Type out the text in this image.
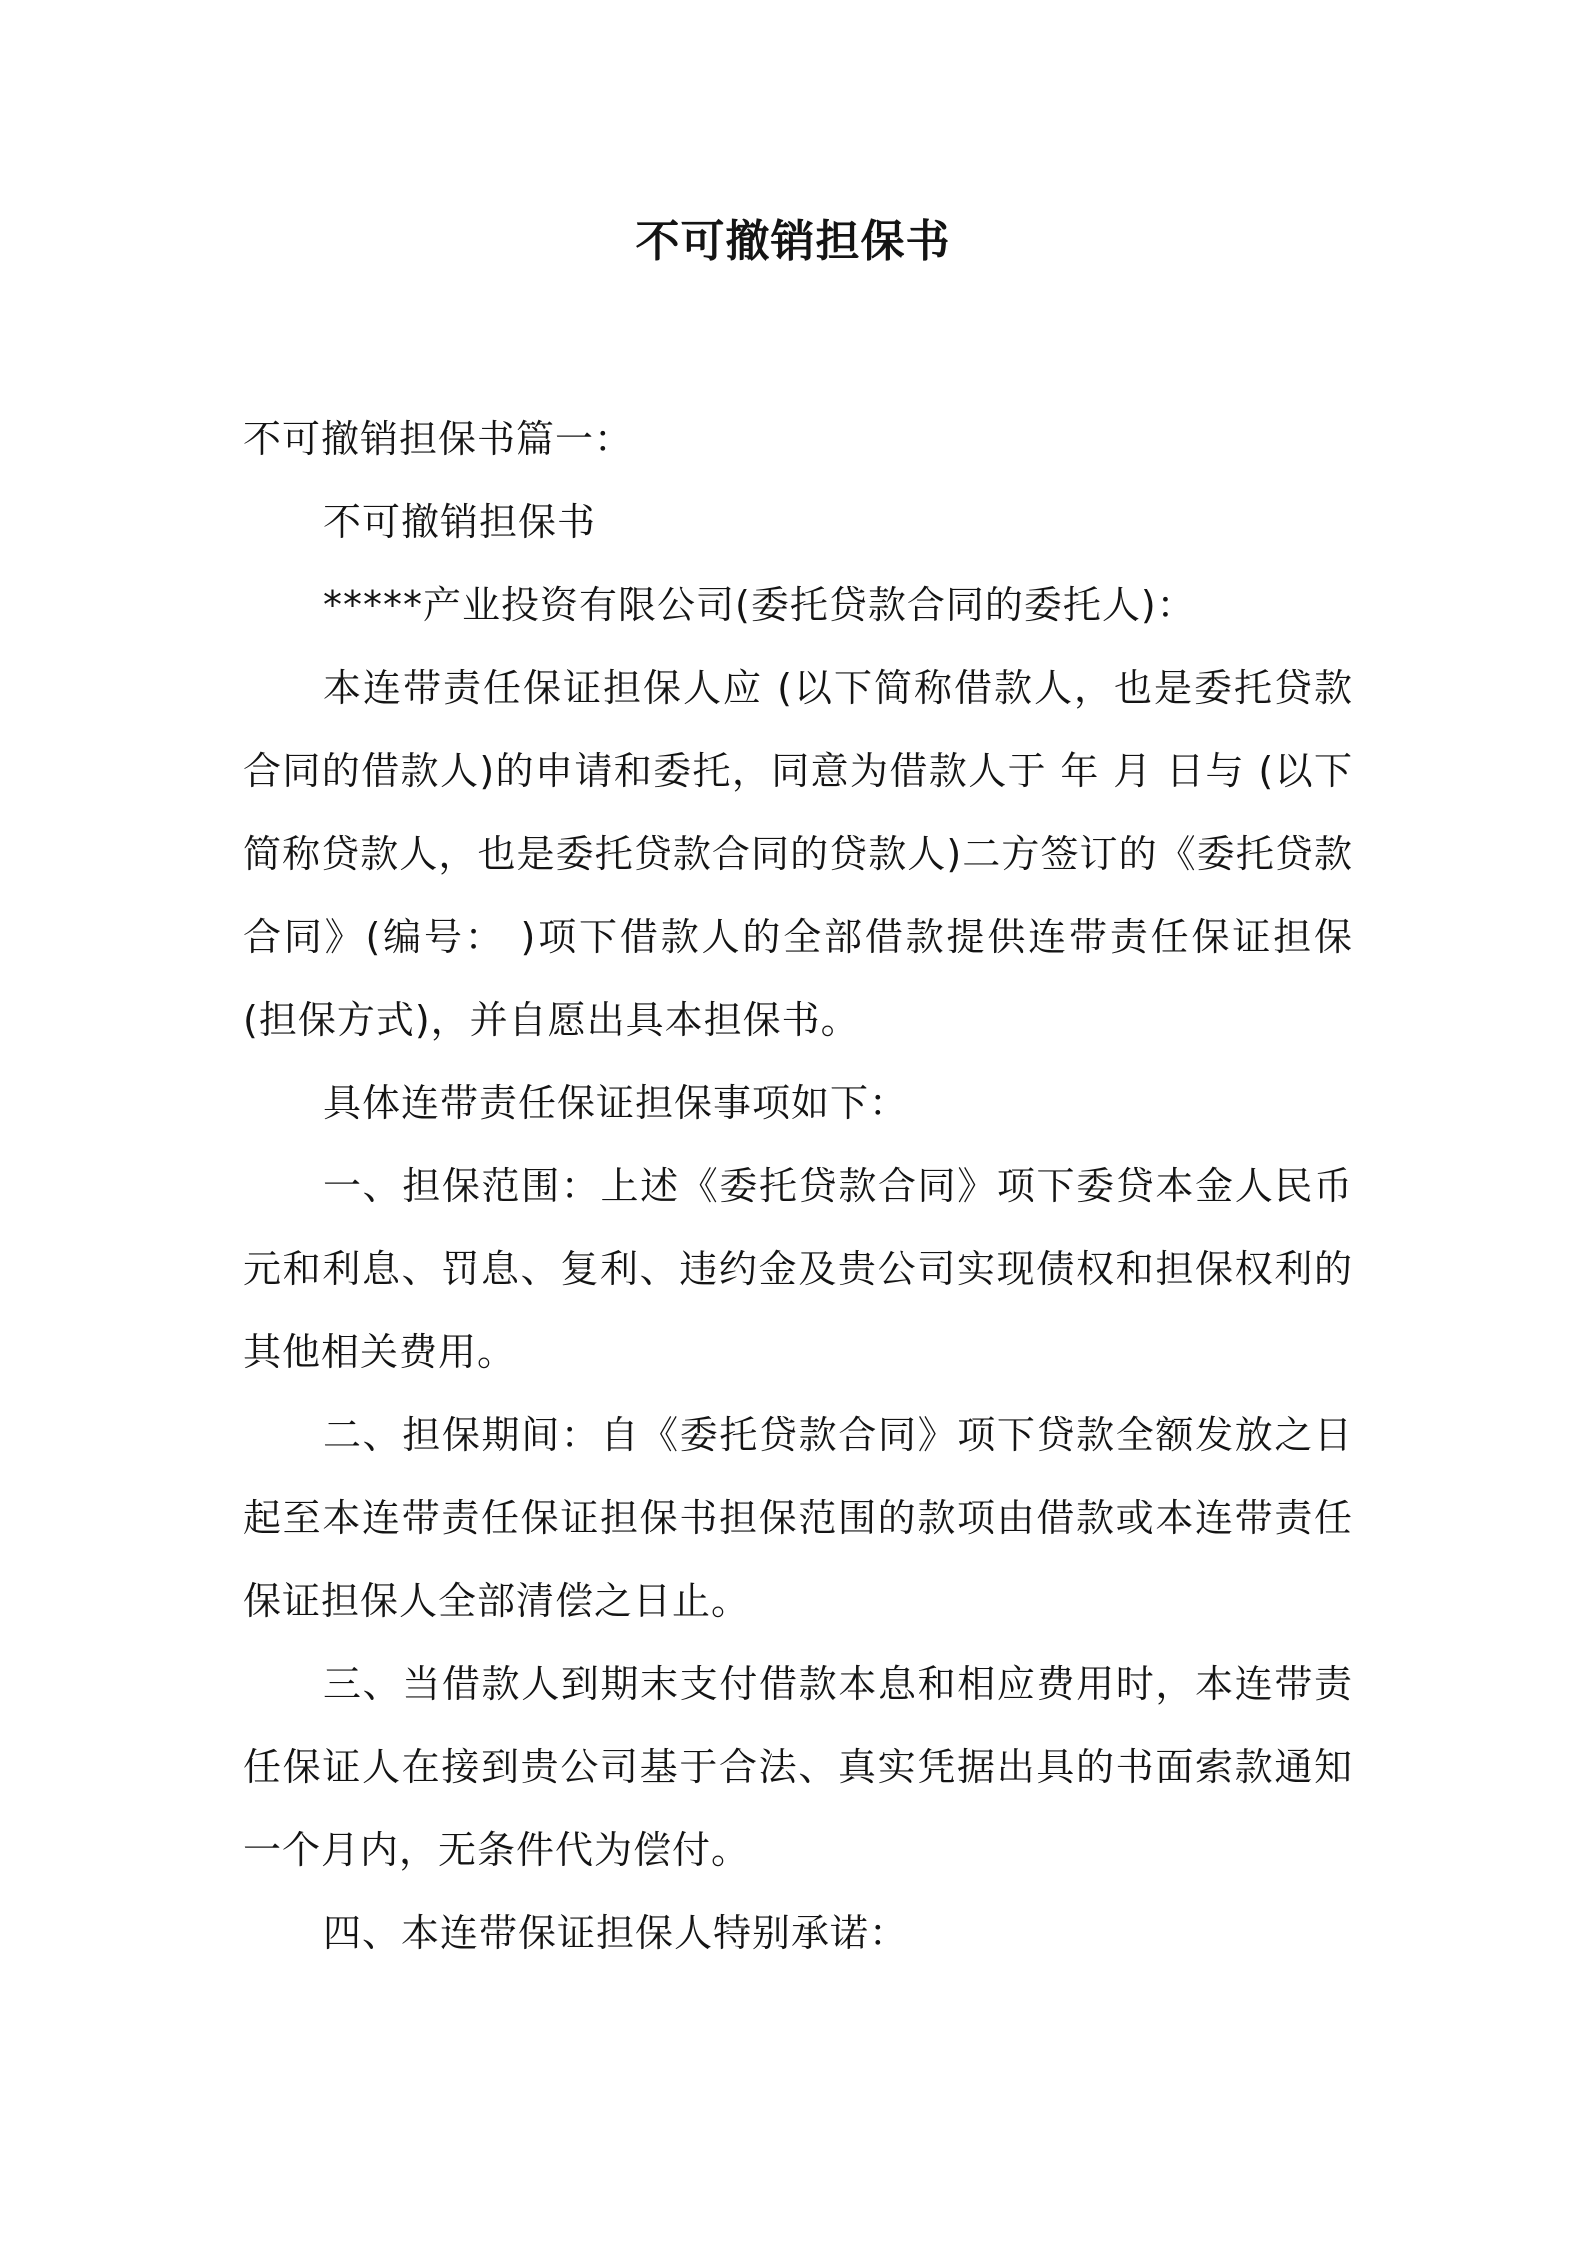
不可撤销担保书

不可撤销担保书篇一：

不可撤销担保书

*****产业投资有限公司(委托贷款合同的委托人)：

本连带责任保证担保人应 (以下简称借款人，也是委托贷款合同的借款人)的申请和委托，同意为借款人于 年 月 日与 (以下简称贷款人，也是委托贷款合同的贷款人)二方签订的《委托贷款合同》(编号： )项下借款人的全部借款提供连带责任保证担保(担保方式)，并自愿出具本担保书。

具体连带责任保证担保事项如下：

一、担保范围：上述《委托贷款合同》项下委贷本金人民币 元和利息、罚息、复利、违约金及贵公司实现债权和担保权利的其他相关费用。

二、担保期间：自《委托贷款合同》项下贷款全额发放之日起至本连带责任保证担保书担保范围的款项由借款或本连带责任保证担保人全部清偿之日止。

三、当借款人到期末支付借款本息和相应费用时，本连带责任保证人在接到贵公司基于合法、真实凭据出具的书面索款通知一个月内，无条件代为偿付。

四、本连带保证担保人特别承诺：
